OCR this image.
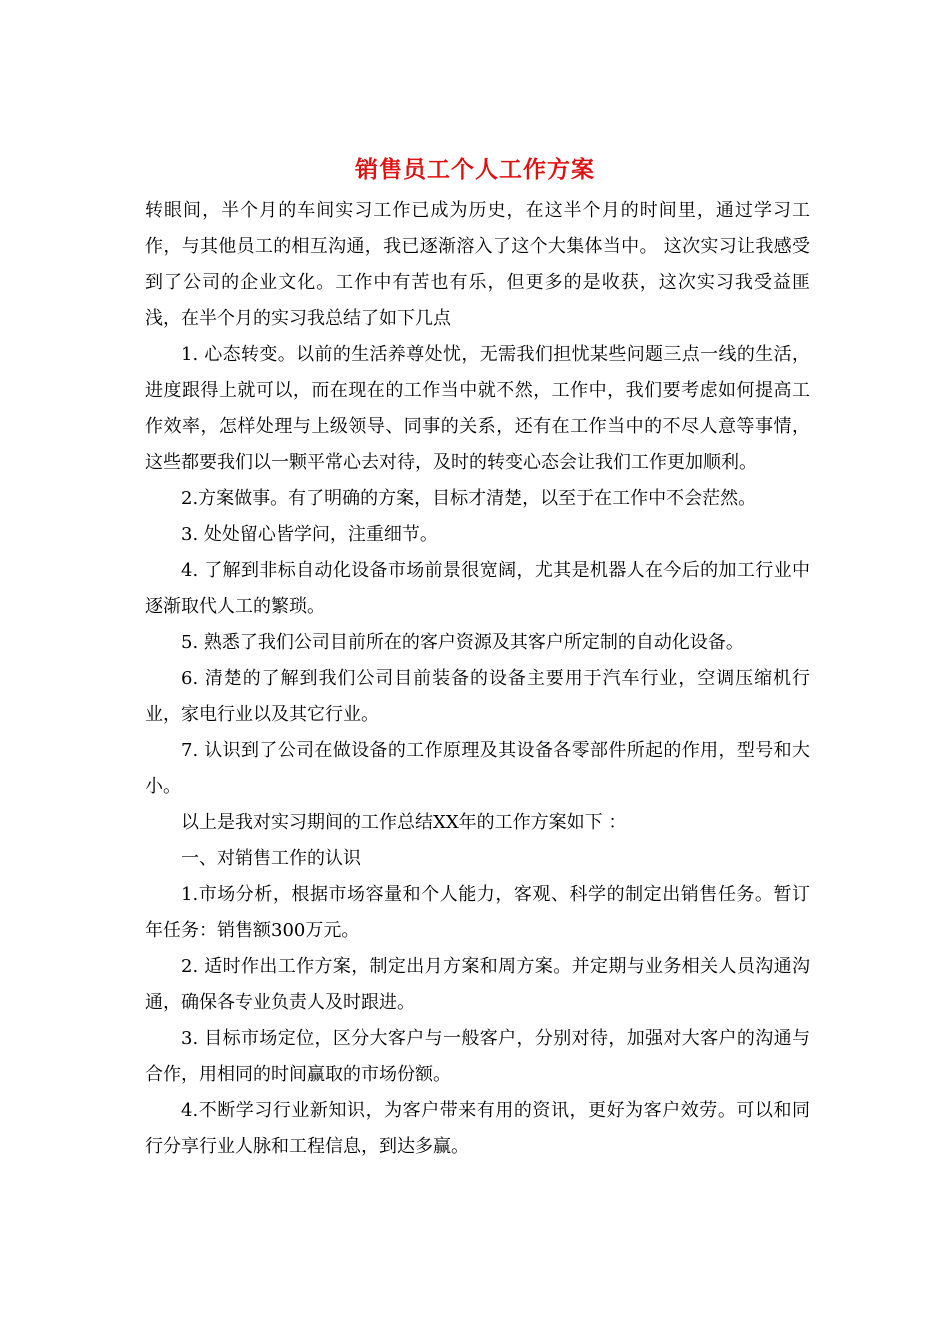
销售员工个人工作方案

转眼间，半个月的车间实习工作已成为历史，在这半个月的时间里，通过学习工作，与其他员工的相互沟通，我已逐渐溶入了这个大集体当中。 这次实习让我感受到了公司的企业文化。工作中有苦也有乐，但更多的是收获，这次实习我受益匪浅，在半个月的实习我总结了如下几点

1. 心态转变。以前的生活养尊处忧，无需我们担忧某些问题三点一线的生活，进度跟得上就可以，而在现在的工作当中就不然，工作中，我们要考虑如何提高工作效率，怎样处理与上级领导、同事的关系，还有在工作当中的不尽人意等事情，这些都要我们以一颗平常心去对待，及时的转变心态会让我们工作更加顺利。

2.方案做事。有了明确的方案，目标才清楚，以至于在工作中不会茫然。

3. 处处留心皆学问，注重细节。

4. 了解到非标自动化设备市场前景很宽阔，尤其是机器人在今后的加工行业中逐渐取代人工的繁琐。

5. 熟悉了我们公司目前所在的客户资源及其客户所定制的自动化设备。

6. 清楚的了解到我们公司目前装备的设备主要用于汽车行业，空调压缩机行业，家电行业以及其它行业。

7. 认识到了公司在做设备的工作原理及其设备各零部件所起的作用，型号和大小。

以上是我对实习期间的工作总结XX年的工作方案如下 ：

一、对销售工作的认识

1.市场分析，根据市场容量和个人能力，客观、科学的制定出销售任务。暂订年任务：销售额300万元。

2. 适时作出工作方案，制定出月方案和周方案。并定期与业务相关人员沟通沟通，确保各专业负责人及时跟进。

3. 目标市场定位，区分大客户与一般客户，分别对待，加强对大客户的沟通与合作，用相同的时间赢取的市场份额。

4.不断学习行业新知识，为客户带来有用的资讯，更好为客户效劳。可以和同行分享行业人脉和工程信息，到达多赢。
